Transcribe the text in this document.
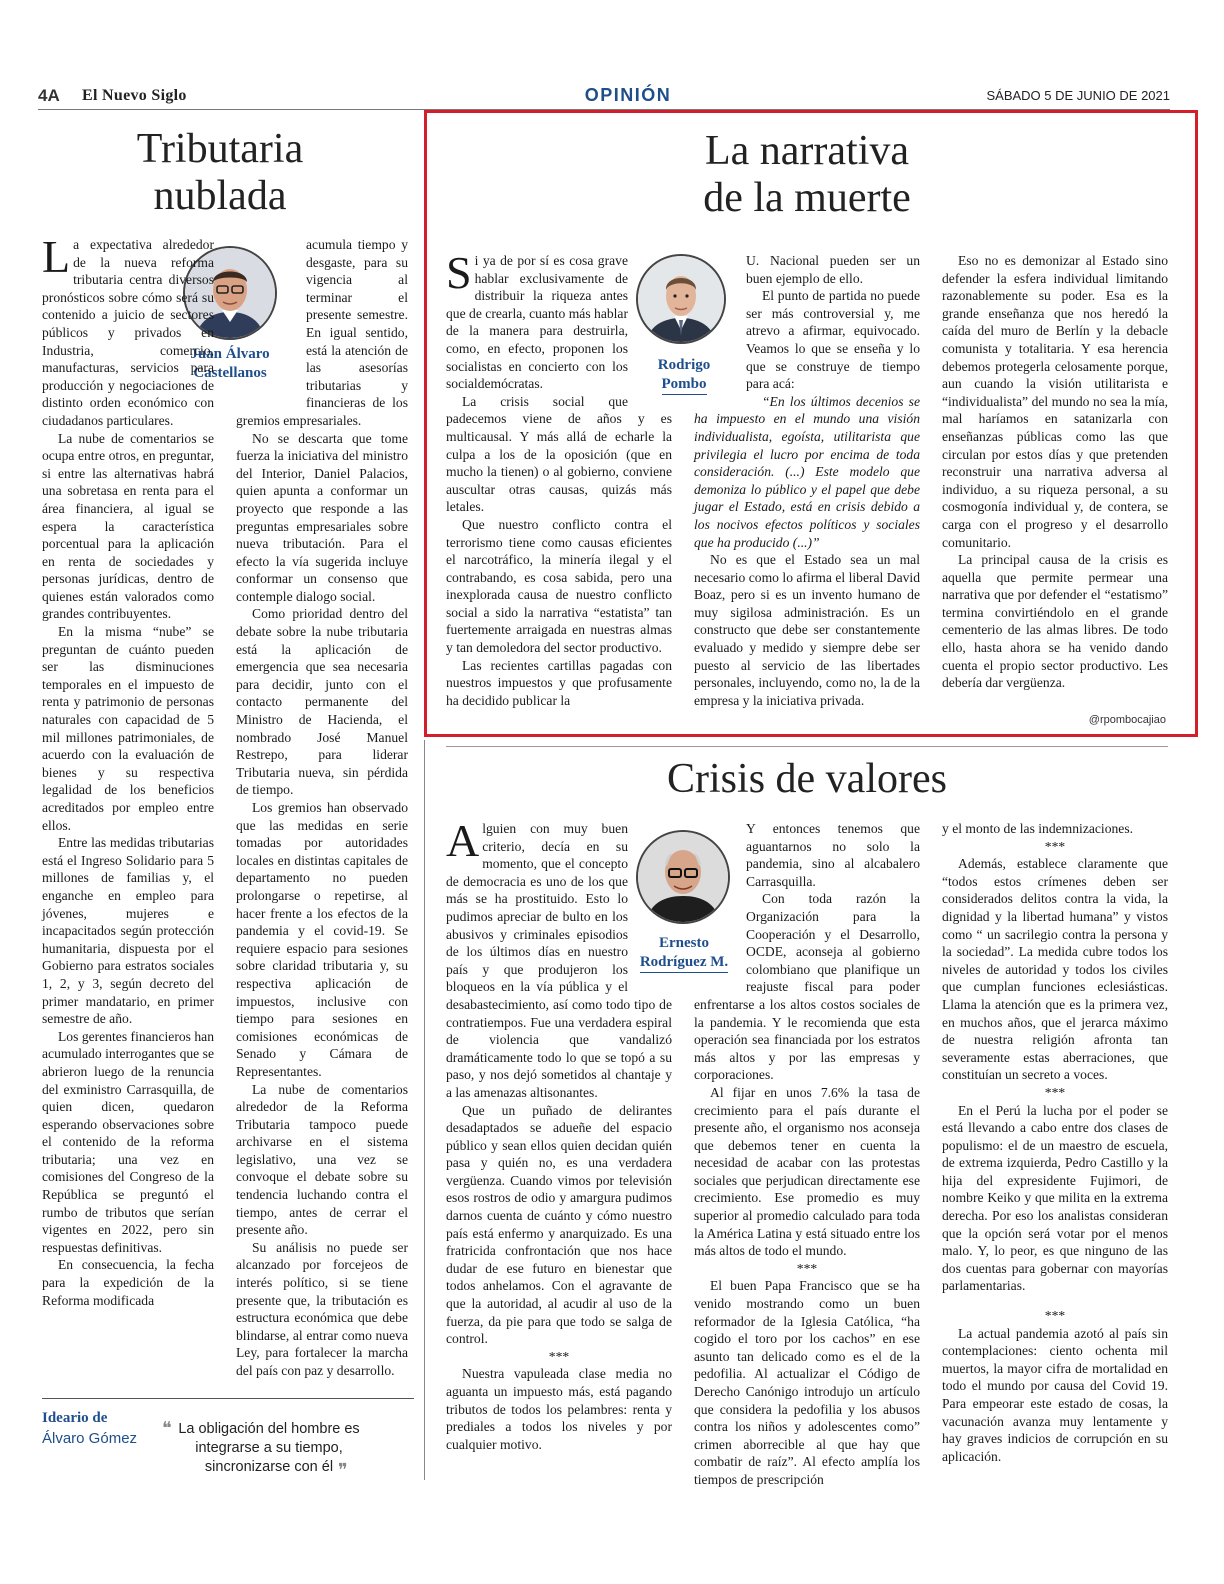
4A El Nuevo Siglo	OPINIÓN	SÁBADO 5 DE JUNIO DE 2021
Tributaria
nublada
Juan Álvaro
Castellanos

La expectativa alrededor de la nueva reforma tributaria centra diversos pronósticos sobre cómo será su contenido a juicio de sectores públicos y privados en Industria, comercio, manufacturas, servicios para producción y negociaciones de distinto orden económico con ciudadanos particulares.

La nube de comentarios se ocupa entre otros, en preguntar, si entre las alternativas habrá una sobretasa en renta para el área financiera, al igual se espera la característica porcentual para la aplicación en renta de sociedades y personas jurídicas, dentro de quienes están valorados como grandes contribuyentes.

En la misma “nube” se preguntan de cuánto pueden ser las disminuciones temporales en el impuesto de renta y patrimonio de personas naturales con capacidad de 5 mil millones patrimoniales, de acuerdo con la evaluación de bienes y su respectiva legalidad de los beneficios acreditados por empleo entre ellos.

Entre las medidas tributarias está el Ingreso Solidario para 5 millones de familias y, el enganche en empleo para jóvenes, mujeres e incapacitados según protección humanitaria, dispuesta por el Gobierno para estratos sociales 1, 2, y 3, según decreto del primer mandatario, en primer semestre de año.

Los gerentes financieros han acumulado interrogantes que se abrieron luego de la renuncia del exministro Carrasquilla, de quien dicen, quedaron esperando observaciones sobre el contenido de la reforma tributaria; una vez en comisiones del Congreso de la República se preguntó el rumbo de tributos que serían vigentes en 2022, pero sin respuestas definitivas.

En consecuencia, la fecha para la expedición de la Reforma modificada

acumula tiempo y desgaste, para su vigencia al terminar el presente semestre. En igual sentido, está la atención de las asesorías tributarias y financieras de los gremios empresariales.

No se descarta que tome fuerza la iniciativa del ministro del Interior, Daniel Palacios, quien apunta a conformar un proyecto que responde a las preguntas empresariales sobre nueva tributación. Para el efecto la vía sugerida incluye conformar un consenso que contemple dialogo social.

Como prioridad dentro del debate sobre la nube tributaria está la aplicación de emergencia que sea necesaria para decidir, junto con el contacto permanente del Ministro de Hacienda, el nombrado José Manuel Restrepo, para liderar Tributaria nueva, sin pérdida de tiempo.

Los gremios han observado que las medidas en serie tomadas por autoridades locales en distintas capitales de departamento no pueden prolongarse o repetirse, al hacer frente a los efectos de la pandemia y el covid-19. Se requiere espacio para sesiones sobre claridad tributaria y, su respectiva aplicación de impuestos, inclusive con tiempo para sesiones en comisiones económicas de Senado y Cámara de Representantes.

La nube de comentarios alrededor de la Reforma Tributaria tampoco puede archivarse en el sistema legislativo, una vez se convoque el debate sobre su tendencia luchando contra el tiempo, antes de cerrar el presente año.

Su análisis no puede ser alcanzado por forcejeos de interés político, si se tiene presente que, la tributación es estructura económica que debe blindarse, al entrar como nueva Ley, para fortalecer la marcha del país con paz y desarrollo.

Ideario de
Álvaro Gómez
❝ La obligación del hombre es integrarse a su tiempo, sincronizarse con él ❞
La narrativa
de la muerte
Rodrigo
Pombo

Si ya de por sí es cosa grave hablar exclusivamente de distribuir la riqueza antes que de crearla, cuanto más hablar de la manera para destruirla, como, en efecto, proponen los socialistas en concierto con los socialdemócratas.

La crisis social que padecemos viene de años y es multicausal. Y más allá de echarle la culpa a los de la oposición (que en mucho la tienen) o al gobierno, conviene auscultar otras causas, quizás más letales.

Que nuestro conflicto contra el terrorismo tiene como causas eficientes el narcotráfico, la minería ilegal y el contrabando, es cosa sabida, pero una inexplorada causa de nuestro conflicto social a sido la narrativa “estatista” tan fuertemente arraigada en nuestras almas y tan demoledora del sector productivo.

Las recientes cartillas pagadas con nuestros impuestos y que profusamente ha decidido publicar la

U. Nacional pueden ser un buen ejemplo de ello.

El punto de partida no puede ser más controversial y, me atrevo a afirmar, equivocado. Veamos lo que se enseña y lo que se construye de tiempo para acá:

“En los últimos decenios se ha impuesto en el mundo una visión individualista, egoísta, utilitarista que privilegia el lucro por encima de toda consideración. (...) Este modelo que demoniza lo público y el papel que debe jugar el Estado, está en crisis debido a los nocivos efectos políticos y sociales que ha producido (...)”

No es que el Estado sea un mal necesario como lo afirma el liberal David Boaz, pero si es un invento humano de muy sigilosa administración. Es un constructo que debe ser constantemente evaluado y medido y siempre debe ser puesto al servicio de las libertades personales, incluyendo, como no, la de la empresa y la iniciativa privada.

Eso no es demonizar al Estado sino defender la esfera individual limitando razonablemente su poder. Esa es la grande enseñanza que nos heredó la caída del muro de Berlín y la debacle comunista y totalitaria. Y esa herencia debemos protegerla celosamente porque, aun cuando la visión utilitarista e “individualista” del mundo no sea la mía, mal haríamos en satanizarla con enseñanzas públicas como las que circulan por estos días y que pretenden reconstruir una narrativa adversa al individuo, a su riqueza personal, a su cosmogonía individual y, de contera, se carga con el progreso y el desarrollo comunitario.

La principal causa de la crisis es aquella que permite permear una narrativa que por defender el “estatismo” termina convirtiéndolo en el grande cementerio de las almas libres. De todo ello, hasta ahora se ha venido dando cuenta el propio sector productivo. Les debería dar vergüenza.

@rpombocajiao
Crisis de valores
Ernesto
Rodríguez M.

Alguien con muy buen criterio, decía en su momento, que el concepto de democracia es uno de los que más se ha prostituido. Esto lo pudimos apreciar de bulto en los abusivos y criminales episodios de los últimos días en nuestro país y que produjeron los bloqueos en la vía pública y el desabastecimiento, así como todo tipo de contratiempos. Fue una verdadera espiral de violencia que vandalizó dramáticamente todo lo que se topó a su paso, y nos dejó sometidos al chantaje y a las amenazas altisonantes.

Que un puñado de delirantes desadaptados se adueñe del espacio público y sean ellos quien decidan quién pasa y quién no, es una verdadera vergüenza. Cuando vimos por televisión esos rostros de odio y amargura pudimos darnos cuenta de cuánto y cómo nuestro país está enfermo y anarquizado. Es una fratricida confrontación que nos hace dudar de ese futuro en bienestar que todos anhelamos. Con el agravante de que la autoridad, al acudir al uso de la fuerza, da pie para que todo se salga de control.

***

Nuestra vapuleada clase media no aguanta un impuesto más, está pagando tributos de todos los pelambres: renta y prediales a todos los niveles y por cualquier motivo.

Y entonces tenemos que aguantarnos no solo la pandemia, sino al alcabalero Carrasquilla.

Con toda razón la Organización para la Cooperación y el Desarrollo, OCDE, aconseja al gobierno colombiano que planifique un reajuste fiscal para poder enfrentarse a los altos costos sociales de la pandemia. Y le recomienda que esta operación sea financiada por los estratos más altos y por las empresas y corporaciones.

Al fijar en unos 7.6% la tasa de crecimiento para el país durante el presente año, el organismo nos aconseja que debemos tener en cuenta la necesidad de acabar con las protestas sociales que perjudican directamente ese crecimiento. Ese promedio es muy superior al promedio calculado para toda la América Latina y está situado entre los más altos de todo el mundo.

***

El buen Papa Francisco que se ha venido mostrando como un buen reformador de la Iglesia Católica, “ha cogido el toro por los cachos” en ese asunto tan delicado como es el de la pedofilia. Al actualizar el Código de Derecho Canónigo introdujo un artículo que considera la pedofilia y los abusos contra los niños y adolescentes como” crimen aborrecible al que hay que combatir de raíz”. Al efecto amplía los tiempos de prescripción

y el monto de las indemnizaciones.

***

Además, establece claramente que “todos estos crímenes deben ser considerados delitos contra la vida, la dignidad y la libertad humana” y vistos como “ un sacrilegio contra la persona y la sociedad”. La medida cubre todos los niveles de autoridad y todos los civiles que cumplan funciones eclesiásticas. Llama la atención que es la primera vez, en muchos años, que el jerarca máximo de nuestra religión afronta tan severamente estas aberraciones, que constituían un secreto a voces.

***

En el Perú la lucha por el poder se está llevando a cabo entre dos clases de populismo: el de un maestro de escuela, de extrema izquierda, Pedro Castillo y la hija del expresidente Fujimori, de nombre Keiko y que milita en la extrema derecha. Por eso los analistas consideran que la opción será votar por el menos malo. Y, lo peor, es que ninguno de las dos cuentas para gobernar con mayorías parlamentarias.

***

La actual pandemia azotó al país sin contemplaciones: ciento ochenta mil muertos, la mayor cifra de mortalidad en todo el mundo por causa del Covid 19. Para empeorar este estado de cosas, la vacunación avanza muy lentamente y hay graves indicios de corrupción en su aplicación.
